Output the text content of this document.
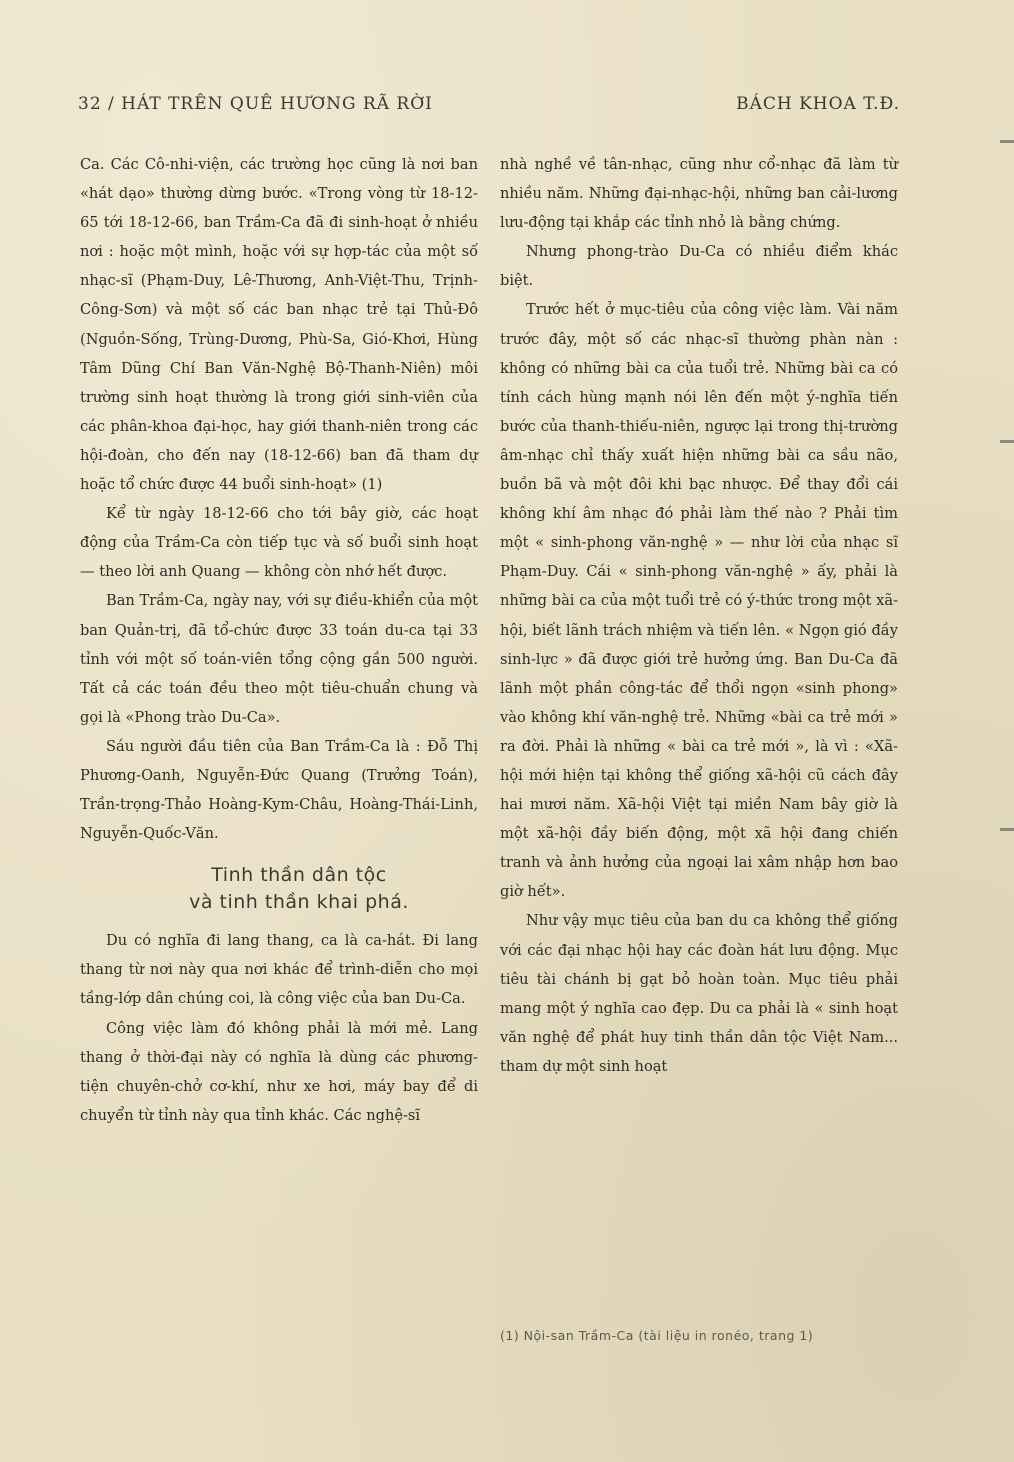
32 / HÁT TRÊN QUÊ HƯƠNG RÃ RỜI	BÁCH KHOA T.Đ.

Ca. Các Cô-nhi-viện, các trường học cũng là nơi ban «hát dạo» thường dừng bước. «Trong vòng từ 18-12-65 tới 18-12-66, ban Trầm-Ca đã đi sinh-hoạt ở nhiều nơi : hoặc một mình, hoặc với sự hợp-tác của một số nhạc-sĩ (Phạm-Duy, Lê-Thương, Anh-Việt-Thu, Trịnh-Công-Sơn) và một số các ban nhạc trẻ tại Thủ-Đô (Nguồn-Sống, Trùng-Dương, Phù-Sa, Gió-Khơi, Hùng Tâm Dũng Chí Ban Văn-Nghệ Bộ-Thanh-Niên) môi trường sinh hoạt thường là trong giới sinh-viên của các phân-khoa đại-học, hay giới thanh-niên trong các hội-đoàn, cho đến nay (18-12-66) ban đã tham dự hoặc tổ chức được 44 buổi sinh-hoạt» (1)

Kể từ ngày 18-12-66 cho tới bây giờ, các hoạt động của Trầm-Ca còn tiếp tục và số buổi sinh hoạt — theo lời anh Quang — không còn nhớ hết được.

Ban Trầm-Ca, ngày nay, với sự điều-khiển của một ban Quản-trị, đã tổ-chức được 33 toán du-ca tại 33 tỉnh với một số toán-viên tổng cộng gần 500 người. Tất cả các toán đều theo một tiêu-chuẩn chung và gọi là «Phong trào Du-Ca».

Sáu người đầu tiên của Ban Trầm-Ca là : Đỗ Thị Phương-Oanh, Nguyễn-Đức Quang (Trưởng Toán), Trần-trọng-Thảo Hoàng-Kym-Châu, Hoàng-Thái-Linh, Nguyễn-Quốc-Văn.

Tinh thần dân tộc
và tinh thần khai phá.

Du có nghĩa đi lang thang, ca là ca-hát. Đi lang thang từ nơi này qua nơi khác để trình-diễn cho mọi tầng-lớp dân chúng coi, là công việc của ban Du-Ca.

Công việc làm đó không phải là mới mẻ. Lang thang ở thời-đại này có nghĩa là dùng các phương-tiện chuyên-chở cơ-khí, như xe hơi, máy bay để di chuyển từ tỉnh này qua tỉnh khác. Các nghệ-sĩ

nhà nghề về tân-nhạc, cũng như cổ-nhạc đã làm từ nhiều năm. Những đại-nhạc-hội, những ban cải-lương lưu-động tại khắp các tỉnh nhỏ là bằng chứng.

Nhưng phong-trào Du-Ca có nhiều điểm khác biệt.

Trước hết ở mục-tiêu của công việc làm. Vài năm trước đây, một số các nhạc-sĩ thường phàn nàn : không có những bài ca của tuổi trẻ. Những bài ca có tính cách hùng mạnh nói lên đến một ý-nghĩa tiến bước của thanh-thiếu-niên, ngược lại trong thị-trường âm-nhạc chỉ thấy xuất hiện những bài ca sầu não, buồn bã và một đôi khi bạc nhược. Để thay đổi cái không khí âm nhạc đó phải làm thế nào ? Phải tìm một « sinh-phong văn-nghệ » — như lời của nhạc sĩ Phạm-Duy. Cái « sinh-phong văn-nghệ » ấy, phải là những bài ca của một tuổi trẻ có ý-thức trong một xã-hội, biết lãnh trách nhiệm và tiến lên. « Ngọn gió đầy sinh-lực » đã được giới trẻ hưởng ứng. Ban Du-Ca đã lãnh một phần công-tác để thổi ngọn «sinh phong» vào không khí văn-nghệ trẻ. Những «bài ca trẻ mới » ra đời. Phải là những « bài ca trẻ mới », là vì : «Xã-hội mới hiện tại không thể giống xã-hội cũ cách đây hai mươi năm. Xã-hội Việt tại miền Nam bây giờ là một xã-hội đầy biến động, một xã hội đang chiến tranh và ảnh hưởng của ngoại lai xâm nhập hơn bao giờ hết».

Như vậy mục tiêu của ban du ca không thể giống với các đại nhạc hội hay các đoàn hát lưu động. Mục tiêu tài chánh bị gạt bỏ hoàn toàn. Mục tiêu phải mang một ý nghĩa cao đẹp. Du ca phải là « sinh hoạt văn nghệ để phát huy tinh thần dân tộc Việt Nam... tham dự một sinh hoạt

(1) Nội-san Trầm-Ca (tài liệu in ronéo, trang 1)
